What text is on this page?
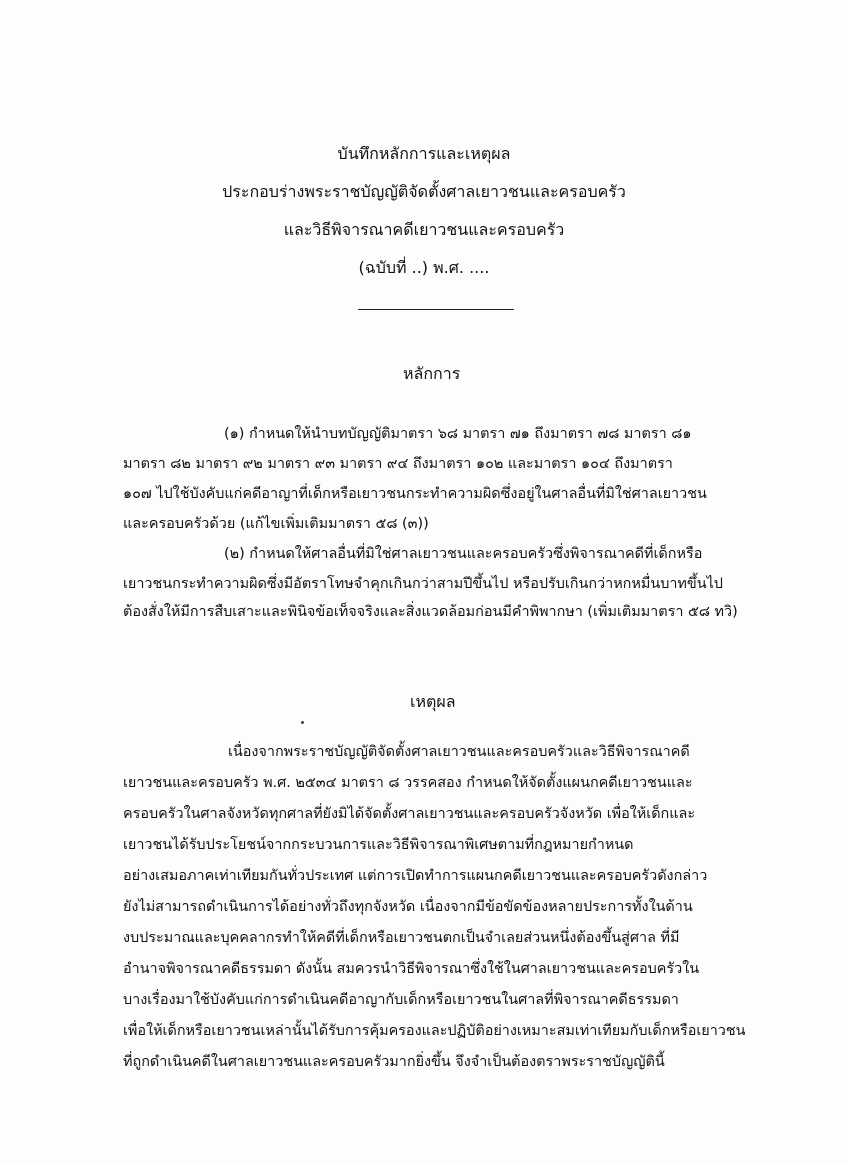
บันทึกหลักการและเหตุผล
ประกอบร่างพระราชบัญญัติจัดตั้งศาลเยาวชนและครอบครัว
และวิธีพิจารณาคดีเยาวชนและครอบครัว
(ฉบับที่ ..) พ.ศ. ....
หลักการ
(๑) กำหนดให้นำบทบัญญัติมาตรา ๖๘ มาตรา ๗๑ ถึงมาตรา ๗๘ มาตรา ๘๑
มาตรา ๘๒ มาตรา ๙๒ มาตรา ๙๓ มาตรา ๙๔ ถึงมาตรา ๑๐๒ และมาตรา ๑๐๔ ถึงมาตรา
๑๐๗ ไปใช้บังคับแก่คดีอาญาที่เด็กหรือเยาวชนกระทำความผิดซึ่งอยู่ในศาลอื่นที่มิใช่ศาลเยาวชน
และครอบครัวด้วย (แก้ไขเพิ่มเติมมาตรา ๕๘ (๓))
(๒) กำหนดให้ศาลอื่นที่มิใช่ศาลเยาวชนและครอบครัวซึ่งพิจารณาคดีที่เด็กหรือ
เยาวชนกระทำความผิดซึ่งมีอัตราโทษจำคุกเกินกว่าสามปีขึ้นไป หรือปรับเกินกว่าหกหมื่นบาทขึ้นไป
ต้องสั่งให้มีการสืบเสาะและพินิจข้อเท็จจริงและสิ่งแวดล้อมก่อนมีคำพิพากษา (เพิ่มเติมมาตรา ๕๘ ทวิ)
เหตุผล
เนื่องจากพระราชบัญญัติจัดตั้งศาลเยาวชนและครอบครัวและวิธีพิจารณาคดี
เยาวชนและครอบครัว พ.ศ. ๒๕๓๔ มาตรา ๘ วรรคสอง กำหนดให้จัดตั้งแผนกคดีเยาวชนและ
ครอบครัวในศาลจังหวัดทุกศาลที่ยังมิได้จัดตั้งศาลเยาวชนและครอบครัวจังหวัด เพื่อให้เด็กและ
เยาวชนได้รับประโยชน์จากกระบวนการและวิธีพิจารณาพิเศษตามที่กฎหมายกำหนด
อย่างเสมอภาคเท่าเทียมกันทั่วประเทศ แต่การเปิดทำการแผนกคดีเยาวชนและครอบครัวดังกล่าว
ยังไม่สามารถดำเนินการได้อย่างทั่วถึงทุกจังหวัด เนื่องจากมีข้อขัดข้องหลายประการทั้งในด้าน
งบประมาณและบุคคลากรทำให้คดีที่เด็กหรือเยาวชนตกเป็นจำเลยส่วนหนึ่งต้องขึ้นสู่ศาล ที่มี
อำนาจพิจารณาคดีธรรมดา ดังนั้น สมควรนำวิธีพิจารณาซึ่งใช้ในศาลเยาวชนและครอบครัวใน
บางเรื่องมาใช้บังคับแก่การดำเนินคดีอาญากับเด็กหรือเยาวชนในศาลที่พิจารณาคดีธรรมดา
เพื่อให้เด็กหรือเยาวชนเหล่านั้นได้รับการคุ้มครองและปฏิบัติอย่างเหมาะสมเท่าเทียมกับเด็กหรือเยาวชน
ที่ถูกดำเนินคดีในศาลเยาวชนและครอบครัวมากยิ่งขึ้น จึงจำเป็นต้องตราพระราชบัญญัตินี้
